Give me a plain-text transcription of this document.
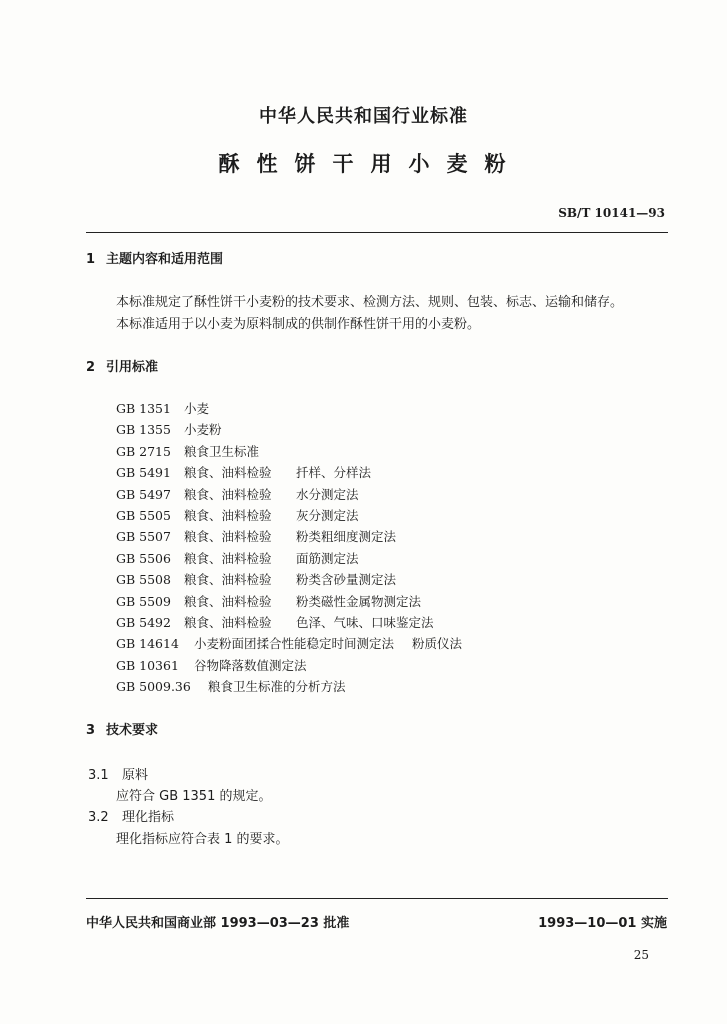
中华人民共和国行业标准
酥性饼干用小麦粉
SB/T 10141—93
1 主题内容和适用范围
本标准规定了酥性饼干小麦粉的技术要求、检测方法、规则、包装、标志、运输和储存。
本标准适用于以小麦为原料制成的供制作酥性饼干用的小麦粉。
2 引用标准
GB 1351 小麦
GB 1355 小麦粉
GB 2715 粮食卫生标准
GB 5491 粮食、油料检验 扦样、分样法
GB 5497 粮食、油料检验 水分测定法
GB 5505 粮食、油料检验 灰分测定法
GB 5507 粮食、油料检验 粉类粗细度测定法
GB 5506 粮食、油料检验 面筋测定法
GB 5508 粮食、油料检验 粉类含砂量测定法
GB 5509 粮食、油料检验 粉类磁性金属物测定法
GB 5492 粮食、油料检验 色泽、气味、口味鉴定法
GB 14614 小麦粉面团揉合性能稳定时间测定法 粉质仪法
GB 10361 谷物降落数值测定法
GB 5009.36 粮食卫生标准的分析方法
3 技术要求
3.1 原料
应符合 GB 1351 的规定。
3.2 理化指标
理化指标应符合表 1 的要求。
中华人民共和国商业部 1993—03—23 批准	1993—10—01 实施
25
